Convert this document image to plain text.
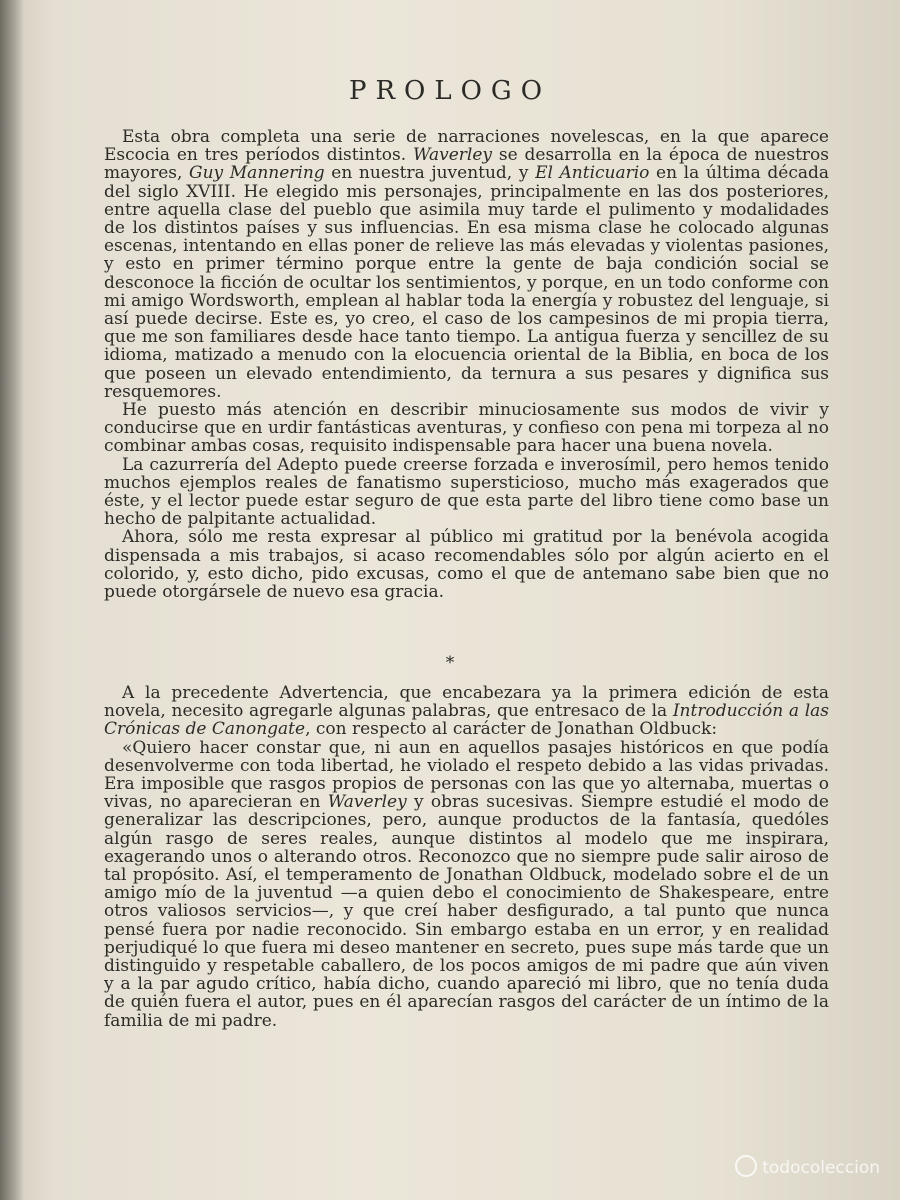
PROLOGO

Esta obra completa una serie de narraciones novelescas, en la que aparece Escocia en tres períodos distintos. Waverley se desarrolla en la época de nuestros mayores, Guy Mannering en nuestra juventud, y El Anticuario en la última década del siglo XVIII. He elegido mis personajes, principalmente en las dos posteriores, entre aquella clase del pueblo que asimila muy tarde el pulimento y modalidades de los distintos países y sus influencias. En esa misma clase he colocado algunas escenas, intentando en ellas poner de relieve las más elevadas y violentas pasiones, y esto en primer término porque entre la gente de baja condición social se desconoce la ficción de ocultar los sentimientos, y porque, en un todo conforme con mi amigo Wordsworth, emplean al hablar toda la energía y robustez del lenguaje, si así puede decirse. Este es, yo creo, el caso de los campesinos de mi propia tierra, que me son familiares desde hace tanto tiempo. La antigua fuerza y sencillez de su idioma, matizado a menudo con la elocuencia oriental de la Biblia, en boca de los que poseen un elevado entendimiento, da ternura a sus pesares y dignifica sus resquemores.

He puesto más atención en describir minuciosamente sus modos de vivir y conducirse que en urdir fantásticas aventuras, y confieso con pena mi torpeza al no combinar ambas cosas, requisito indispensable para hacer una buena novela.

La cazurrería del Adepto puede creerse forzada e inverosímil, pero hemos tenido muchos ejemplos reales de fanatismo supersticioso, mucho más exagerados que éste, y el lector puede estar seguro de que esta parte del libro tiene como base un hecho de palpitante actualidad.

Ahora, sólo me resta expresar al público mi gratitud por la benévola acogida dispensada a mis trabajos, si acaso recomendables sólo por algún acierto en el colorido, y, esto dicho, pido excusas, como el que de antemano sabe bien que no puede otorgársele de nuevo esa gracia.

*

A la precedente Advertencia, que encabezara ya la primera edición de esta novela, necesito agregarle algunas palabras, que entresaco de la Introducción a las Crónicas de Canongate, con respecto al carácter de Jonathan Oldbuck:

«Quiero hacer constar que, ni aun en aquellos pasajes históricos en que podía desenvolverme con toda libertad, he violado el respeto debido a las vidas privadas. Era imposible que rasgos propios de personas con las que yo alternaba, muertas o vivas, no aparecieran en Waverley y obras sucesivas. Siempre estudié el modo de generalizar las descripciones, pero, aunque productos de la fantasía, quedóles algún rasgo de seres reales, aunque distintos al modelo que me inspirara, exagerando unos o alterando otros. Reconozco que no siempre pude salir airoso de tal propósito. Así, el temperamento de Jonathan Oldbuck, modelado sobre el de un amigo mío de la juventud —a quien debo el conocimiento de Shakespeare, entre otros valiosos servicios—, y que creí haber desfigurado, a tal punto que nunca pensé fuera por nadie reconocido. Sin embargo estaba en un error, y en realidad perjudiqué lo que fuera mi deseo mantener en secreto, pues supe más tarde que un distinguido y respetable caballero, de los pocos amigos de mi padre que aún viven y a la par agudo crítico, había dicho, cuando apareció mi libro, que no tenía duda de quién fuera el autor, pues en él aparecían rasgos del carácter de un íntimo de la familia de mi padre.

todocoleccion
